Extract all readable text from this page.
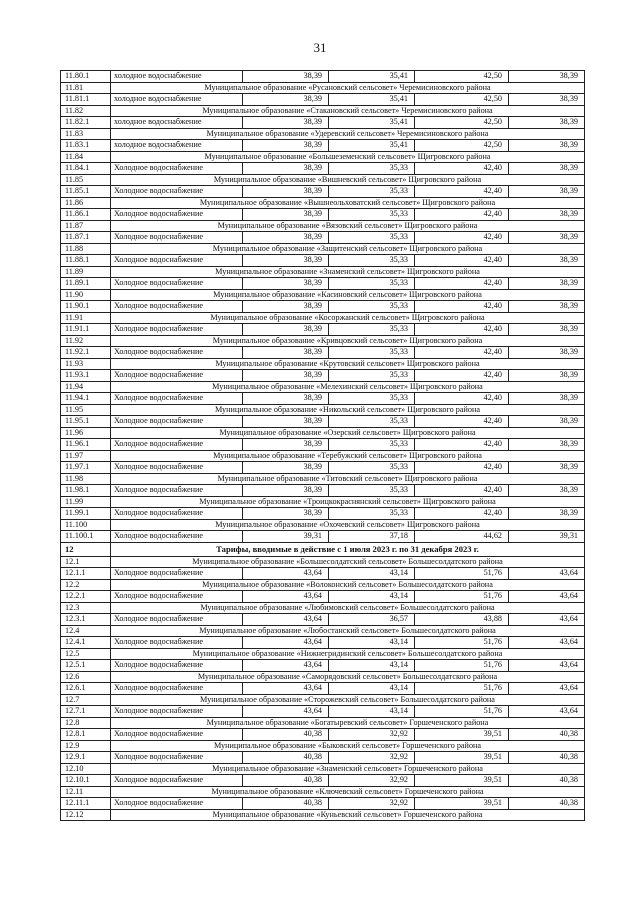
31
11.80.1	холодное водоснабжение	38,39	35,41	42,50	38,39
11.81	Муниципальное образование «Русановский сельсовет» Черемисиновского района				
11.81.1	холодное водоснабжение	38,39	35,41	42,50	38,39
11.82	Муниципальное образование «Стакановский сельсовет» Черемисиновского района				
11.82.1	холодное водоснабжение	38,39	35,41	42,50	38,39
11.83	Муниципальное образование «Удеревский сельсовет» Черемисиновского района				
11.83.1	холодное водоснабжение	38,39	35,41	42,50	38,39
11.84	Муниципальное образование «Большеземенский сельсовет» Щигровского района				
11.84.1	Холодное водоснабжение	38,39	35,33	42,40	38,39
11.85	Муниципальное образование «Вишневский сельсовет» Щигровского района				
11.85.1	Холодное водоснабжение	38,39	35,33	42,40	38,39
11.86	Муниципальное образование «Вышнеольховатский сельсовет» Щигровского района				
11.86.1	Холодное водоснабжение	38,39	35,33	42,40	38,39
11.87	Муниципальное образование «Вязовский сельсовет» Щигровского района				
11.87.1	Холодное водоснабжение	38,39	35,33	42,40	38,39
11.88	Муниципальное образование «Защитенский сельсовет» Щигровского района				
11.88.1	Холодное водоснабжение	38,39	35,33	42,40	38,39
11.89	Муниципальное образование «Знаменский сельсовет» Щигровского района				
11.89.1	Холодное водоснабжение	38,39	35,33	42,40	38,39
11.90	Муниципальное образование «Касиновский сельсовет» Щигровского района				
11.90.1	Холодное водоснабжение	38,39	35,33	42,40	38,39
11.91	Муниципальное образование «Косоржанский сельсовет» Щигровского района				
11.91.1	Холодное водоснабжение	38,39	35,33	42,40	38,39
11.92	Муниципальное образование «Кривцовский сельсовет» Щигровского района				
11.92.1	Холодное водоснабжение	38,39	35,33	42,40	38,39
11.93	Муниципальное образование «Крутовский сельсовет» Щигровского района				
11.93.1	Холодное водоснабжение	38,39	35,33	42,40	38,39
11.94	Муниципальное образование «Мелехинский сельсовет» Щигровского района				
11.94.1	Холодное водоснабжение	38,39	35,33	42,40	38,39
11.95	Муниципальное образование «Никольский сельсовет» Щигровского района				
11.95.1	Холодное водоснабжение	38,39	35,33	42,40	38,39
11.96	Муниципальное образование «Озерский сельсовет» Щигровского района				
11.96.1	Холодное водоснабжение	38,39	35,33	42,40	38,39
11.97	Муниципальное образование «Теребужский сельсовет» Щигровского района				
11.97.1	Холодное водоснабжение	38,39	35,33	42,40	38,39
11.98	Муниципальное образование «Титовский сельсовет» Щигровского района				
11.98.1	Холодное водоснабжение	38,39	35,33	42,40	38,39
11.99	Муниципальное образование «Троицкокраснянский сельсовет» Щигровского района				
11.99.1	Холодное водоснабжение	38,39	35,33	42,40	38,39
11.100	Муниципальное образование «Охочевский сельсовет» Щигровского района				
11.100.1	Холодное водоснабжение	39,31	37,18	44,62	39,31
12	Тарифы, вводимые в действие с 1 июля 2023 г. по 31 декабря 2023 г.				
12.1	Муниципальное образование «Большесолдатский сельсовет» Большесолдатского района				
12.1.1	Холодное водоснабжение	43,64	43,14	51,76	43,64
12.2	Муниципальное образование «Волоконский сельсовет» Большесолдатского района				
12.2.1	Холодное водоснабжение	43,64	43,14	51,76	43,64
12.3	Муниципальное образование «Любимовский сельсовет» Большесолдатского района				
12.3.1	Холодное водоснабжение	43,64	36,57	43,88	43,64
12.4	Муниципальное образование «Любостанский сельсовет» Большесолдатского района				
12.4.1	Холодное водоснабжение	43,64	43,14	51,76	43,64
12.5	Муниципальное образование «Нижнегридинский сельсовет» Большесолдатского района				
12.5.1	Холодное водоснабжение	43,64	43,14	51,76	43,64
12.6	Муниципальное образование «Саморядовский сельсовет» Большесолдатского района				
12.6.1	Холодное водоснабжение	43,64	43,14	51,76	43,64
12.7	Муниципальное образование «Сторожевский сельсовет» Большесолдатского района				
12.7.1	Холодное водоснабжение	43,64	43,14	51,76	43,64
12.8	Муниципальное образование «Богатыревский сельсовет» Горшеченского района				
12.8.1	Холодное водоснабжение	40,38	32,92	39,51	40,38
12.9	Муниципальное образование «Быковский сельсовет» Горшеченского района				
12.9.1	Холодное водоснабжение	40,38	32,92	39,51	40,38
12.10	Муниципальное образование «Знаменский сельсовет» Горшеченского района				
12.10.1	Холодное водоснабжение	40,38	32,92	39,51	40,38
12.11	Муниципальное образование «Ключевский сельсовет» Горшеченского района				
12.11.1	Холодное водоснабжение	40,38	32,92	39,51	40,38
12.12	Муниципальное образование «Куньевский сельсовет» Горшеченского района				
